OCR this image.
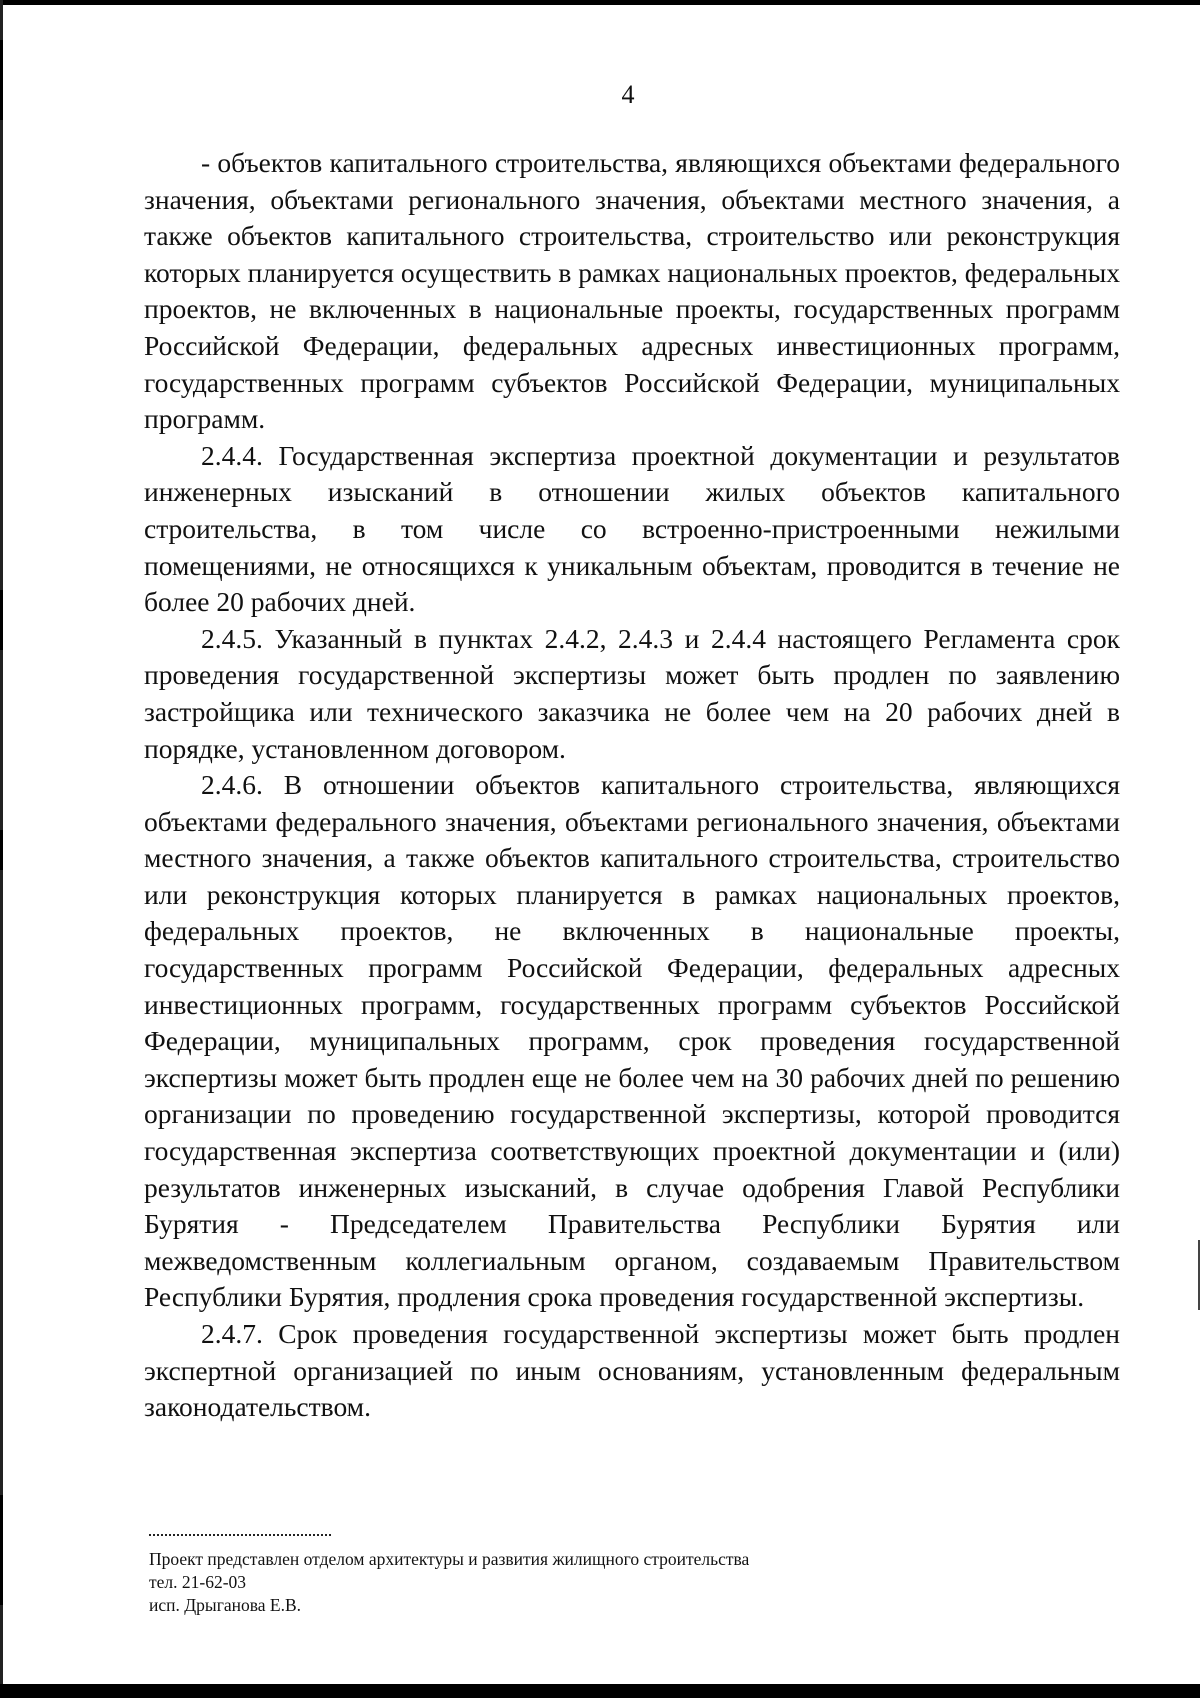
4

- объектов капитального строительства, являющихся объектами федерального значения, объектами регионального значения, объектами местного значения, а также объектов капитального строительства, строительство или реконструкция которых планируется осуществить в рамках национальных проектов, федеральных проектов, не включенных в национальные проекты, государственных программ Российской Федерации, федеральных адресных инвестиционных программ, государственных программ субъектов Российской Федерации, муниципальных программ.

2.4.4. Государственная экспертиза проектной документации и результатов инженерных изысканий в отношении жилых объектов капитального строительства, в том числе со встроенно-пристроенными нежилыми помещениями, не относящихся к уникальным объектам, проводится в течение не более 20 рабочих дней.

2.4.5. Указанный в пунктах 2.4.2, 2.4.3 и 2.4.4 настоящего Регламента срок проведения государственной экспертизы может быть продлен по заявлению застройщика или технического заказчика не более чем на 20 рабочих дней в порядке, установленном договором.

2.4.6. В отношении объектов капитального строительства, являющихся объектами федерального значения, объектами регионального значения, объектами местного значения, а также объектов капитального строительства, строительство или реконструкция которых планируется в рамках национальных проектов, федеральных проектов, не включенных в национальные проекты, государственных программ Российской Федерации, федеральных адресных инвестиционных программ, государственных программ субъектов Российской Федерации, муниципальных программ, срок проведения государственной экспертизы может быть продлен еще не более чем на 30 рабочих дней по решению организации по проведению государственной экспертизы, которой проводится государственная экспертиза соответствующих проектной документации и (или) результатов инженерных изысканий, в случае одобрения Главой Республики Бурятия - Председателем Правительства Республики Бурятия или межведомственным коллегиальным органом, создаваемым Правительством Республики Бурятия, продления срока проведения государственной экспертизы.

2.4.7. Срок проведения государственной экспертизы может быть продлен экспертной организацией по иным основаниям, установленным федеральным законодательством.

Проект представлен отделом архитектуры и развития жилищного строительства
тел. 21-62-03
исп. Дрыганова Е.В.
